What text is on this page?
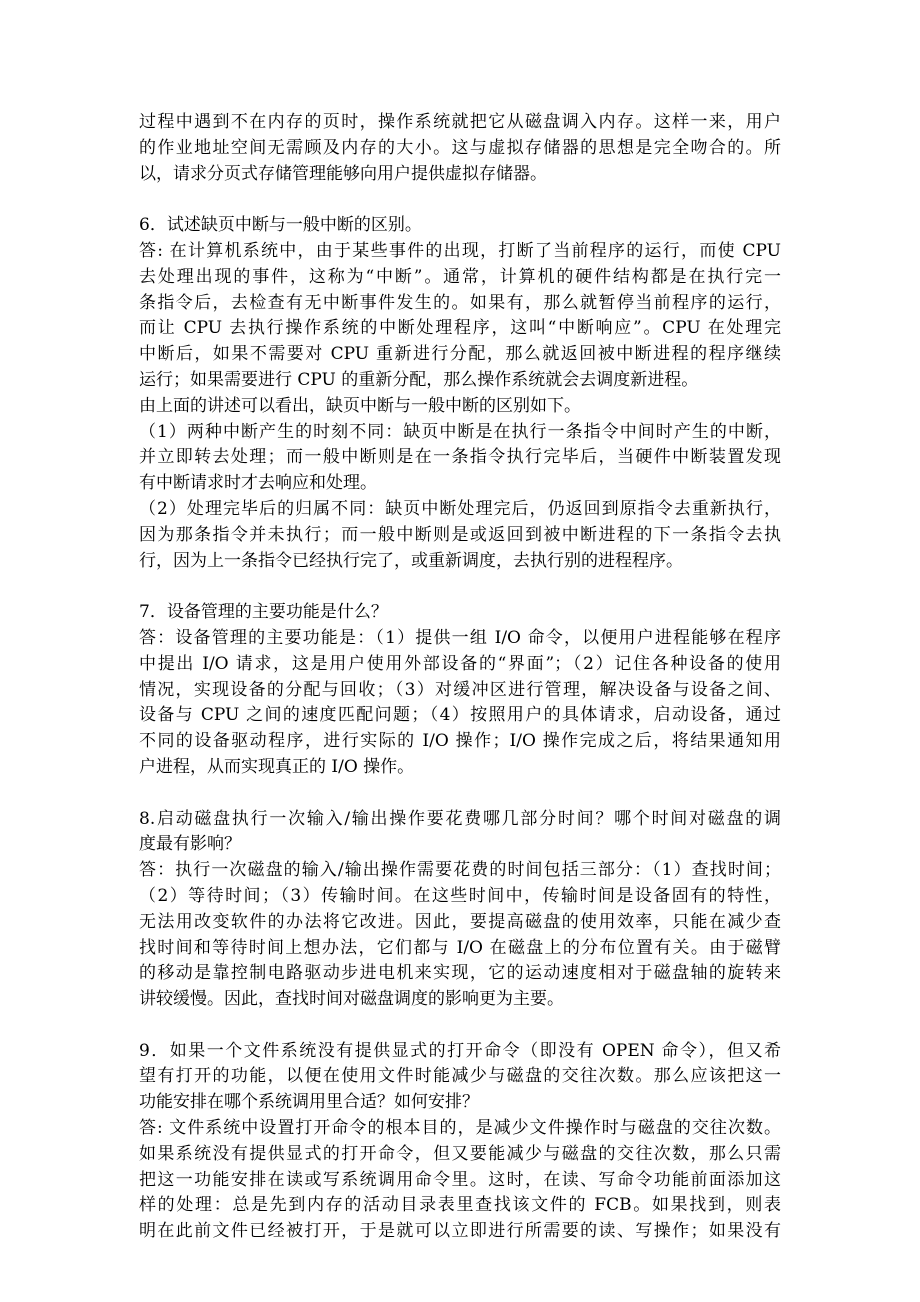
过程中遇到不在内存的页时，操作系统就把它从磁盘调入内存。这样一来，用户
的作业地址空间无需顾及内存的大小。这与虚拟存储器的思想是完全吻合的。所
以，请求分页式存储管理能够向用户提供虚拟存储器。
6．试述缺页中断与一般中断的区别。
答: 在计算机系统中，由于某些事件的出现，打断了当前程序的运行，而使 CPU
去处理出现的事件，这称为“中断”。通常，计算机的硬件结构都是在执行完一
条指令后，去检查有无中断事件发生的。如果有，那么就暂停当前程序的运行，
而让 CPU 去执行操作系统的中断处理程序，这叫“中断响应”。CPU 在处理完
中断后，如果不需要对 CPU 重新进行分配，那么就返回被中断进程的程序继续
运行；如果需要进行 CPU 的重新分配，那么操作系统就会去调度新进程。
由上面的讲述可以看出，缺页中断与一般中断的区别如下。
（1）两种中断产生的时刻不同：缺页中断是在执行一条指令中间时产生的中断，
并立即转去处理；而一般中断则是在一条指令执行完毕后，当硬件中断装置发现
有中断请求时才去响应和处理。
（2）处理完毕后的归属不同：缺页中断处理完后，仍返回到原指令去重新执行，
因为那条指令并未执行；而一般中断则是或返回到被中断进程的下一条指令去执
行，因为上一条指令已经执行完了，或重新调度，去执行别的进程程序。
7．设备管理的主要功能是什么？
答：设备管理的主要功能是：（1）提供一组 I/O 命令，以便用户进程能够在程序
中提出 I/O 请求，这是用户使用外部设备的“界面”；（2）记住各种设备的使用
情况，实现设备的分配与回收；（3）对缓冲区进行管理，解决设备与设备之间、
设备与 CPU 之间的速度匹配问题；（4）按照用户的具体请求，启动设备，通过
不同的设备驱动程序，进行实际的 I/O 操作；I/O 操作完成之后，将结果通知用
户进程，从而实现真正的 I/O 操作。
8.启动磁盘执行一次输入/输出操作要花费哪几部分时间？哪个时间对磁盘的调
度最有影响？
答：执行一次磁盘的输入/输出操作需要花费的时间包括三部分：（1）查找时间；
（2）等待时间；（3）传输时间。在这些时间中，传输时间是设备固有的特性，
无法用改变软件的办法将它改进。因此，要提高磁盘的使用效率，只能在减少查
找时间和等待时间上想办法，它们都与 I/O 在磁盘上的分布位置有关。由于磁臂
的移动是靠控制电路驱动步进电机来实现，它的运动速度相对于磁盘轴的旋转来
讲较缓慢。因此，查找时间对磁盘调度的影响更为主要。
9．如果一个文件系统没有提供显式的打开命令（即没有 OPEN 命令），但又希
望有打开的功能，以便在使用文件时能减少与磁盘的交往次数。那么应该把这一
功能安排在哪个系统调用里合适？如何安排？
答: 文件系统中设置打开命令的根本目的，是减少文件操作时与磁盘的交往次数。
如果系统没有提供显式的打开命令，但又要能减少与磁盘的交往次数，那么只需
把这一功能安排在读或写系统调用命令里。这时，在读、写命令功能前面添加这
样的处理：总是先到内存的活动目录表里查找该文件的 FCB。如果找到，则表
明在此前文件已经被打开，于是就可以立即进行所需要的读、写操作；如果没有
